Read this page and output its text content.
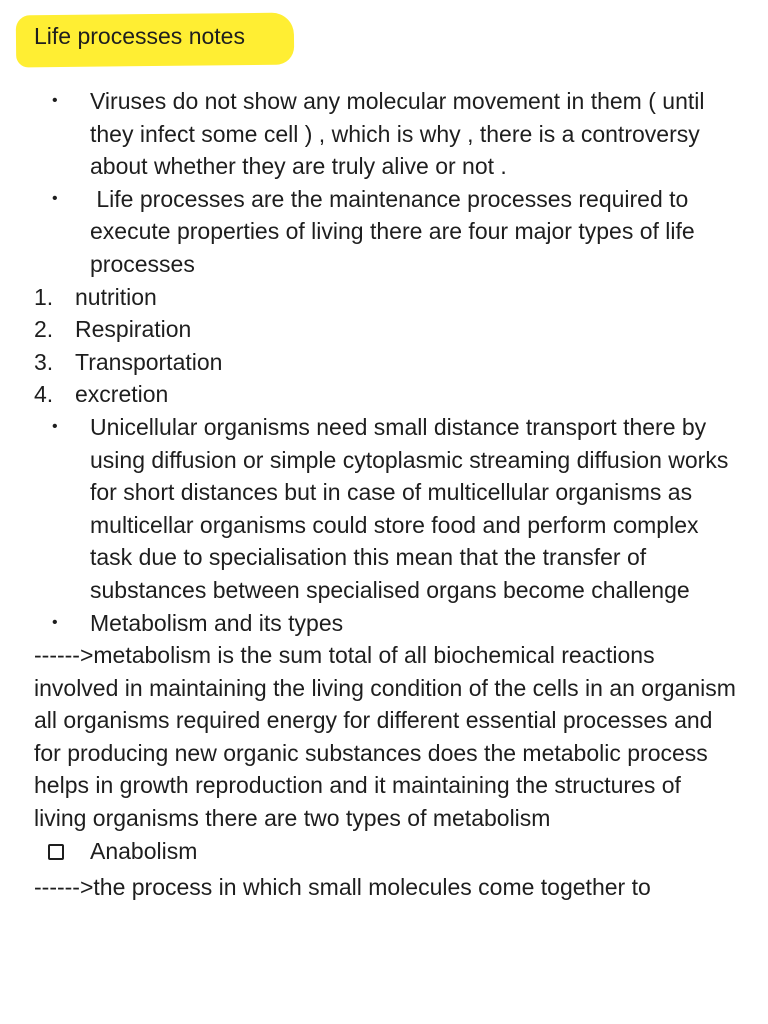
Life processes notes
•	Viruses do not show any molecular movement in them ( until they infect some cell ) , which is why , there is a controversy about whether they are truly alive or not .
•	Life processes are the maintenance processes required to execute properties of living there are four major types of life processes
1. nutrition
2. Respiration
3. Transportation
4. excretion
•	Unicellular organisms need small distance transport there by using diffusion or simple cytoplasmic streaming diffusion works for short distances but in case of multicellular organisms as multicellar organisms could store food and perform complex task due to specialisation this mean that the transfer of substances between specialised organs become challenge
•	Metabolism and its types
------>metabolism is the sum total of all biochemical reactions involved in maintaining the living condition of the cells in an organism all organisms required energy for different essential processes and for producing new organic substances does the metabolic process helps in growth reproduction and it maintaining the structures of living organisms there are two types of metabolism
Anabolism
------>the process in which small molecules come together to
